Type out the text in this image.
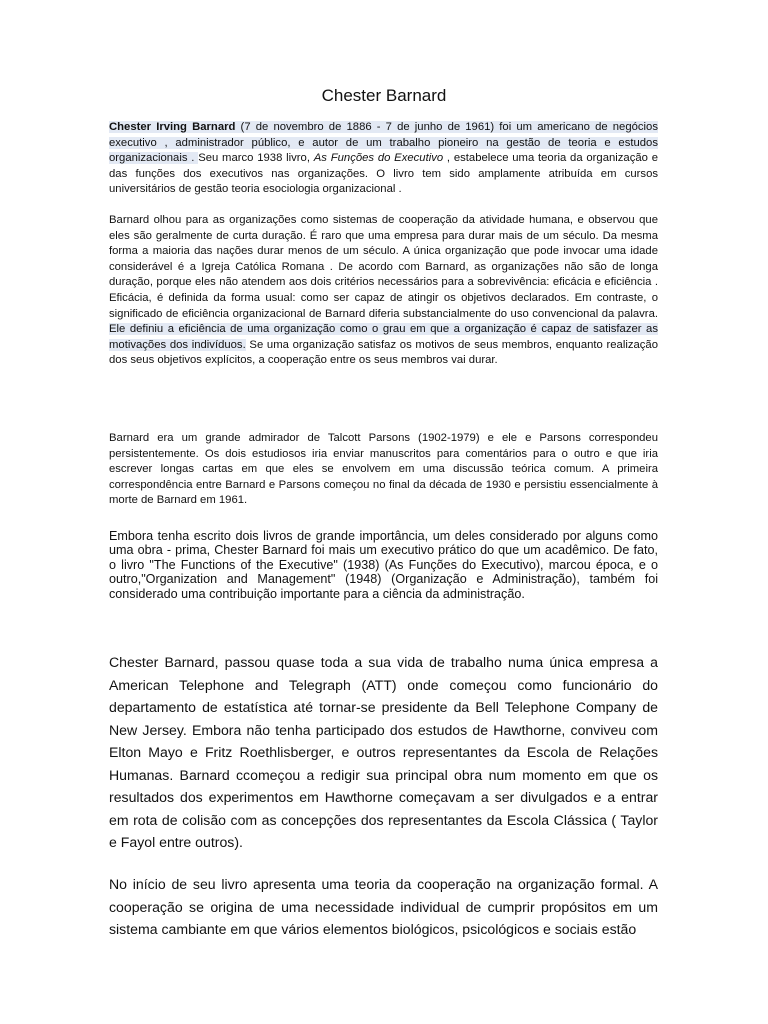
Chester Barnard

Chester Irving Barnard (7 de novembro de 1886 - 7 de junho de 1961) foi um americano de negócios executivo , administrador público, e autor de um trabalho pioneiro na gestão de teoria e estudos organizacionais . Seu marco 1938 livro, As Funções do Executivo , estabelece uma teoria da organização e das funções dos executivos nas organizações. O livro tem sido amplamente atribuída em cursos universitários de gestão teoria esociologia organizacional .

Barnard olhou para as organizações como sistemas de cooperação da atividade humana, e observou que eles são geralmente de curta duração. É raro que uma empresa para durar mais de um século. Da mesma forma a maioria das nações durar menos de um século. A única organização que pode invocar uma idade considerável é a Igreja Católica Romana . De acordo com Barnard, as organizações não são de longa duração, porque eles não atendem aos dois critérios necessários para a sobrevivência: eficácia e eficiência . Eficácia, é definida da forma usual: como ser capaz de atingir os objetivos declarados. Em contraste, o significado de eficiência organizacional de Barnard diferia substancialmente do uso convencional da palavra. Ele definiu a eficiência de uma organização como o grau em que a organização é capaz de satisfazer as motivações dos indivíduos. Se uma organização satisfaz os motivos de seus membros, enquanto realização dos seus objetivos explícitos, a cooperação entre os seus membros vai durar.

Barnard era um grande admirador de Talcott Parsons (1902-1979) e ele e Parsons correspondeu persistentemente. Os dois estudiosos iria enviar manuscritos para comentários para o outro e que iria escrever longas cartas em que eles se envolvem em uma discussão teórica comum. A primeira correspondência entre Barnard e Parsons começou no final da década de 1930 e persistiu essencialmente à morte de Barnard em 1961.

Embora tenha escrito dois livros de grande importância, um deles considerado por alguns como uma obra - prima, Chester Barnard foi mais um executivo prático do que um acadêmico. De fato, o livro "The Functions of the Executive" (1938) (As Funções do Executivo), marcou época, e o outro,"Organization and Management" (1948) (Organização e Administração), também foi considerado uma contribuição importante para a ciência da administração.

Chester Barnard, passou quase toda a sua vida de trabalho numa única empresa a American Telephone and Telegraph (ATT) onde começou como funcionário do departamento de estatística até tornar-se presidente da Bell Telephone Company de New Jersey. Embora não tenha participado dos estudos de Hawthorne, conviveu com Elton Mayo e Fritz Roethlisberger, e outros representantes da Escola de Relações Humanas. Barnard ccomeçou a redigir sua principal obra num momento em que os resultados dos experimentos em Hawthorne começavam a ser divulgados e a entrar em rota de colisão com as concepções dos representantes da Escola Clássica ( Taylor e Fayol entre outros).

No início de seu livro apresenta uma teoria da cooperação na organização formal. A cooperação se origina de uma necessidade individual de cumprir propósitos em um sistema cambiante em que vários elementos biológicos, psicológicos e sociais estão
